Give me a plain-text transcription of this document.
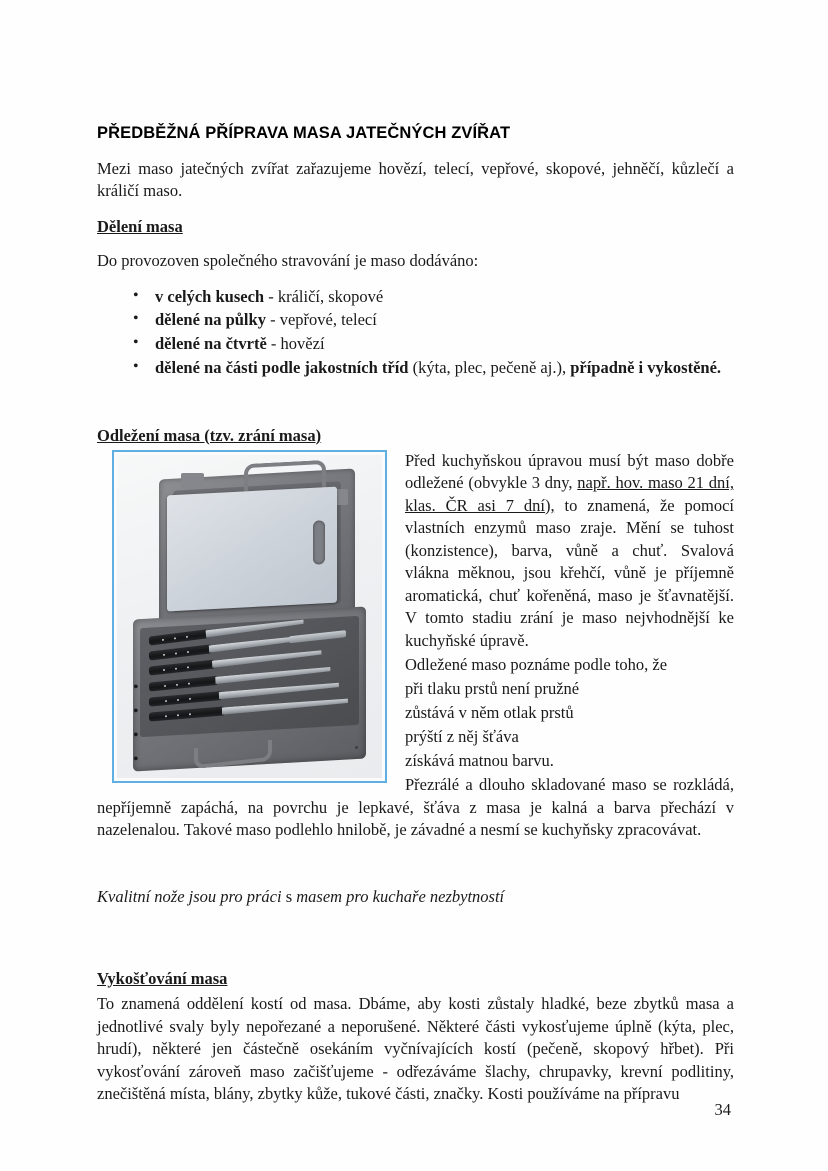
PŘEDBĚŽNÁ PŘÍPRAVA MASA JATEČNÝCH ZVÍŘAT

Mezi maso jatečných zvířat zařazujeme hovězí, telecí, vepřové, skopové, jehněčí, kůzlečí a králičí maso.

Dělení masa

Do provozoven společného stravování je maso dodáváno:

• v celých kusech - králičí, skopové
• dělené na půlky - vepřové, telecí
• dělené na čtvrtě - hovězí
• dělené na části podle jakostních tříd (kýta, plec, pečeně aj.), případně i vykostěné.
Odležení masa (tzv. zrání masa)

Před kuchyňskou úpravou musí být maso dobře odležené (obvykle 3 dny, např. hov. maso 21 dní, klas. ČR asi 7 dní), to znamená, že pomocí vlastních enzymů maso zraje. Mění se tuhost (konzistence), barva, vůně a chuť. Svalová vlákna měknou, jsou křehčí, vůně je příjemně aromatická, chuť kořeněná, maso je šťavnatější. V tomto stadiu zrání je maso nejvhodnější ke kuchyňské úpravě.

Odležené maso poznáme podle toho, že

• při tlaku prstů není pružné
• zůstává v něm otlak prstů
• prýští z něj šťáva
• získává matnou barvu.

Přezrálé a dlouho skladované maso se rozkládá, nepříjemně zapáchá, na povrchu je lepkavé, šťáva z masa je kalná a barva přechází v nazelenalou. Takové maso podlehlo hnilobě, je závadné a nesmí se kuchyňsky zpracovávat.

Kvalitní nože jsou pro práci s masem pro kuchaře nezbytností

Vykošťování masa

To znamená oddělení kostí od masa. Dbáme, aby kosti zůstaly hladké, beze zbytků masa a jednotlivé svaly byly nepořezané a neporušené. Některé části vykosťujeme úplně (kýta, plec, hrudí), některé jen částečně osekáním vyčnívajících kostí (pečeně, skopový hřbet). Při vykosťování zároveň maso začišťujeme - odřezáváme šlachy, chrupavky, krevní podlitiny, znečištěná místa, blány, zbytky kůže, tukové části, značky. Kosti používáme na přípravu

34
